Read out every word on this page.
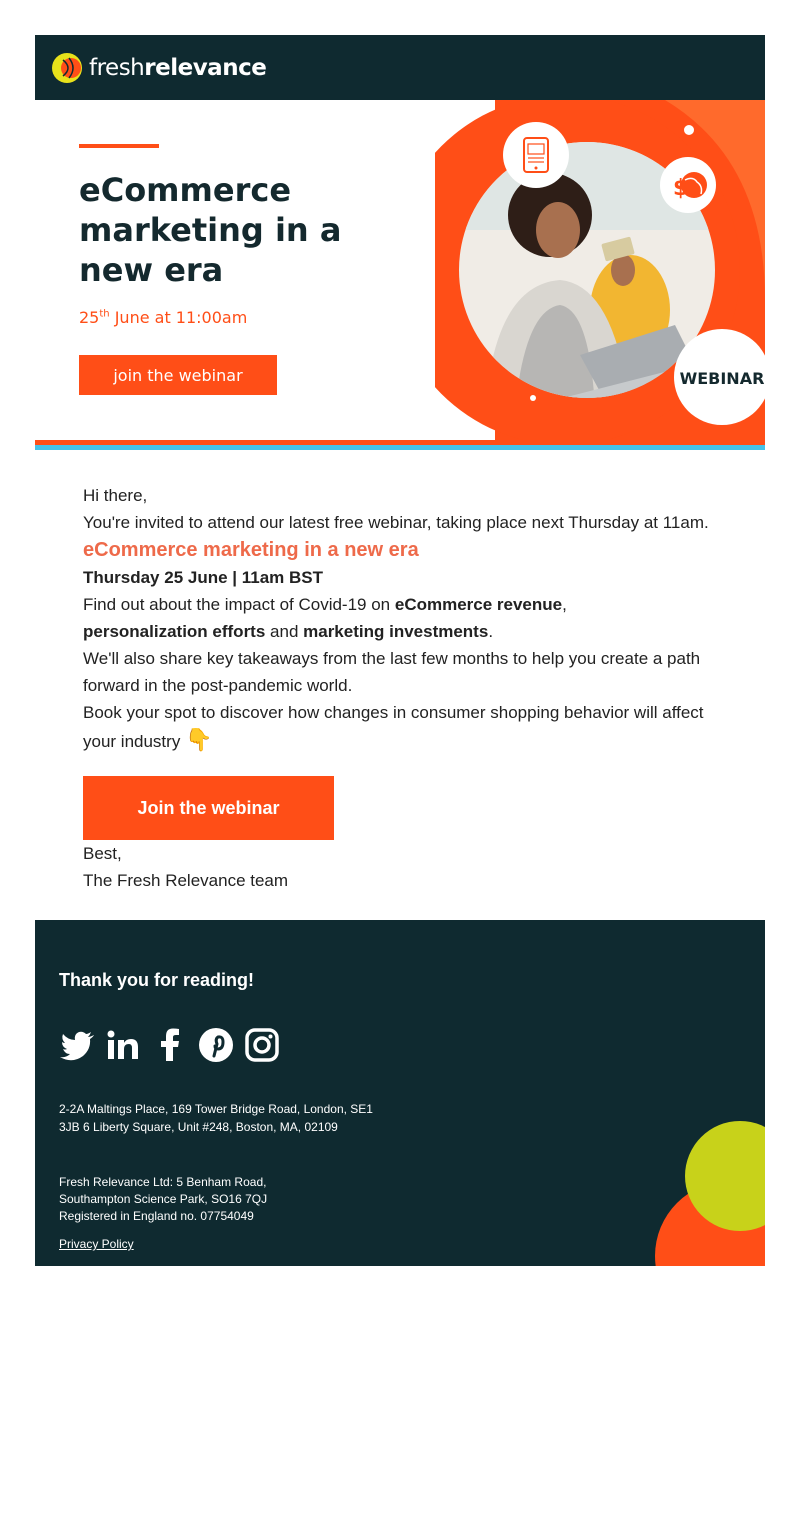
freshrelevance
eCommerce marketing in a new era
25th June at 11:00am
join the webinar
$
WEBINAR

Hi there,

You're invited to attend our latest free webinar, taking place next Thursday at 11am.

eCommerce marketing in a new era

Thursday 25 June | 11am BST

Find out about the impact of Covid-19 on eCommerce revenue,
personalization efforts and marketing investments.

We'll also share key takeaways from the last few months to help you create a path forward in the post-pandemic world.

Book your spot to discover how changes in consumer shopping behavior will affect your industry 👇

Join the webinar

Best,

The Fresh Relevance team

Thank you for reading!
2-2A Maltings Place, 169 Tower Bridge Road, London, SE1
3JB 6 Liberty Square, Unit #248, Boston, MA, 02109
Fresh Relevance Ltd: 5 Benham Road,
Southampton Science Park, SO16 7QJ
Registered in England no. 07754049
Privacy Policy
